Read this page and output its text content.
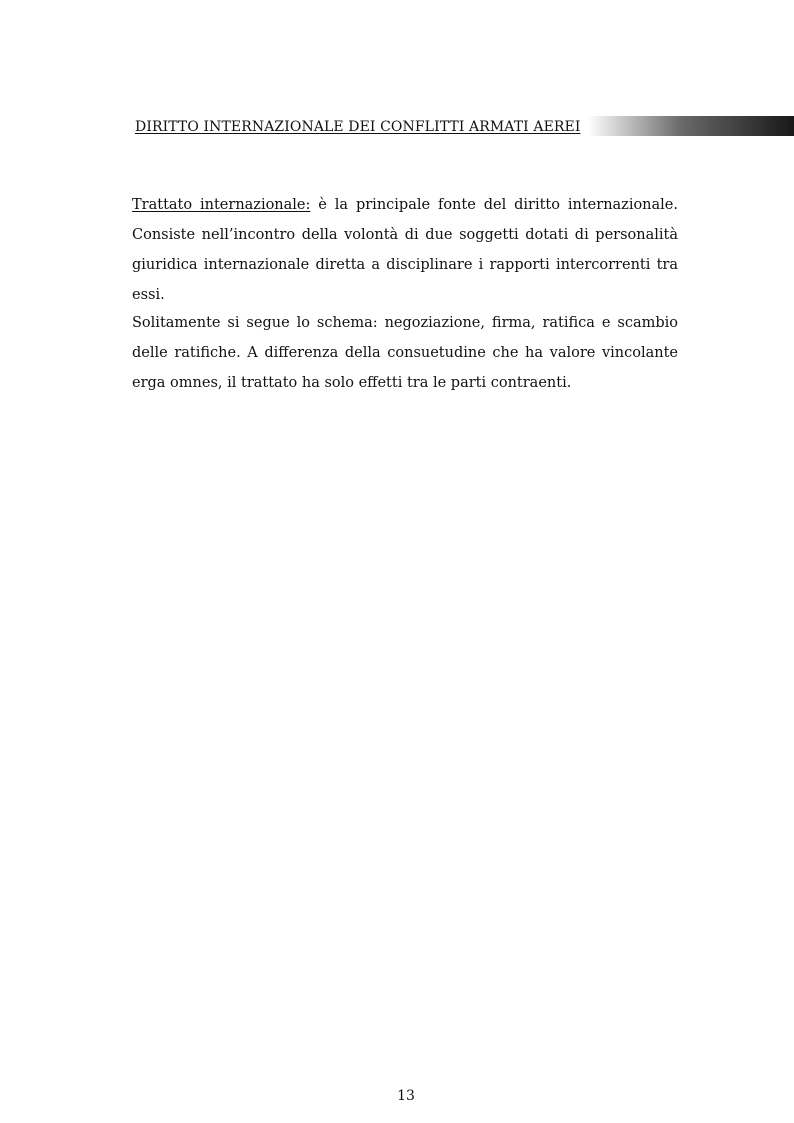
DIRITTO INTERNAZIONALE DEI CONFLITTI ARMATI AEREI

Trattato internazionale: è la principale fonte del diritto internazionale. Consiste nell’incontro della volontà di due soggetti dotati di personalità giuridica internazionale diretta a disciplinare i rapporti intercorrenti tra essi.

Solitamente si segue lo schema: negoziazione, firma, ratifica e scambio delle ratifiche. A differenza della consuetudine che ha valore vincolante erga omnes, il trattato ha solo effetti tra le parti contraenti.

13
